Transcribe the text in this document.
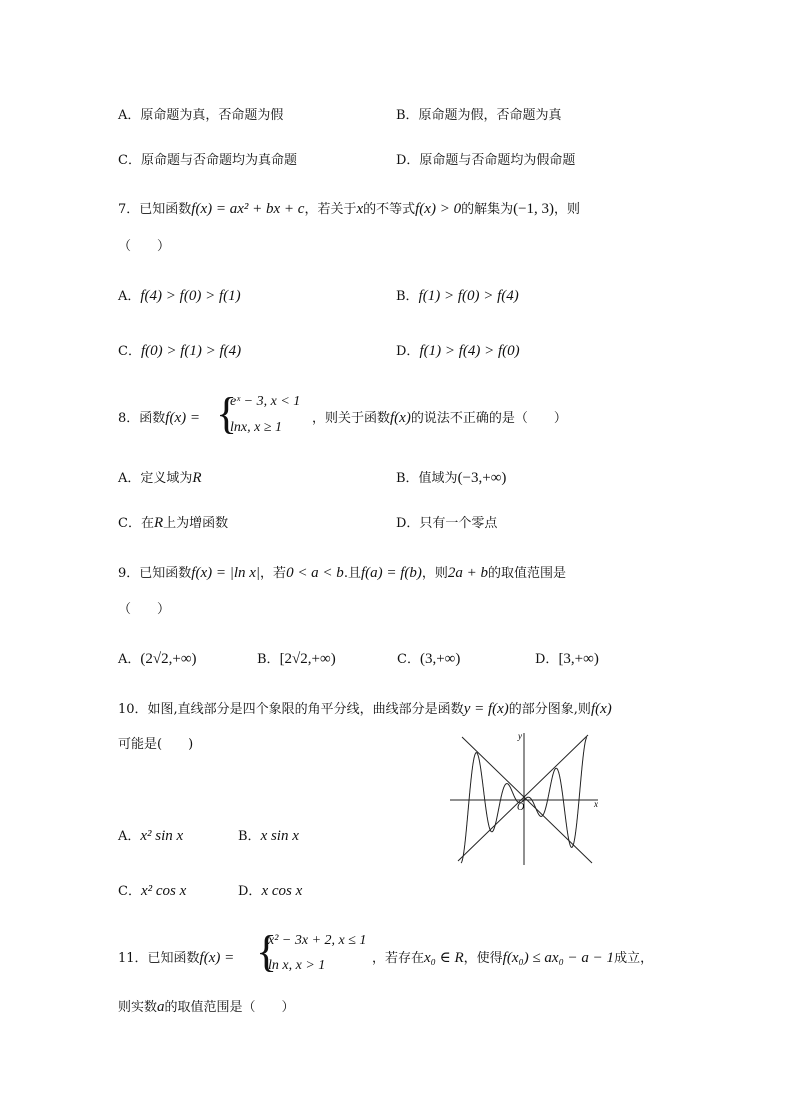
A．原命题为真，否命题为假	B．原命题为假，否命题为真
C．原命题与否命题均为真命题	D．原命题与否命题均为假命题
7．已知函数f(x) = ax² + bx + c，若关于x的不等式f(x) > 0的解集为(−1, 3)，则
（　　）
A．f(4) > f(0) > f(1)	B．f(1) > f(0) > f(4)
C．f(0) > f(1) > f(4)	D．f(1) > f(4) > f(0)
8．函数f(x) = {
eˣ − 3, x < 1
lnx, x ≥ 1
，则关于函数f(x)的说法不正确的是（　　）
A．定义域为R	B．值域为(−3,+∞)
C．在R上为增函数	D．只有一个零点
9．已知函数f(x) = |ln x|，若0 < a < b.且f(a) = f(b)，则2a + b的取值范围是
（　　）
A．(2√2,+∞)	B．[2√2,+∞)	C．(3,+∞)	D．[3,+∞)
10．如图,直线部分是四个象限的角平分线，曲线部分是函数y = f(x)的部分图象,则f(x)
可能是(　　)
y
x
O
A．x² sin x	B．x sin x
C．x² cos x	D．x cos x
11．已知函数f(x) = {
x² − 3x + 2, x ≤ 1
ln x, x > 1	，若存在x₀ ∈ R，使得f(x₀) ≤ ax₀ − a − 1成立，
则实数a的取值范围是（　　）
